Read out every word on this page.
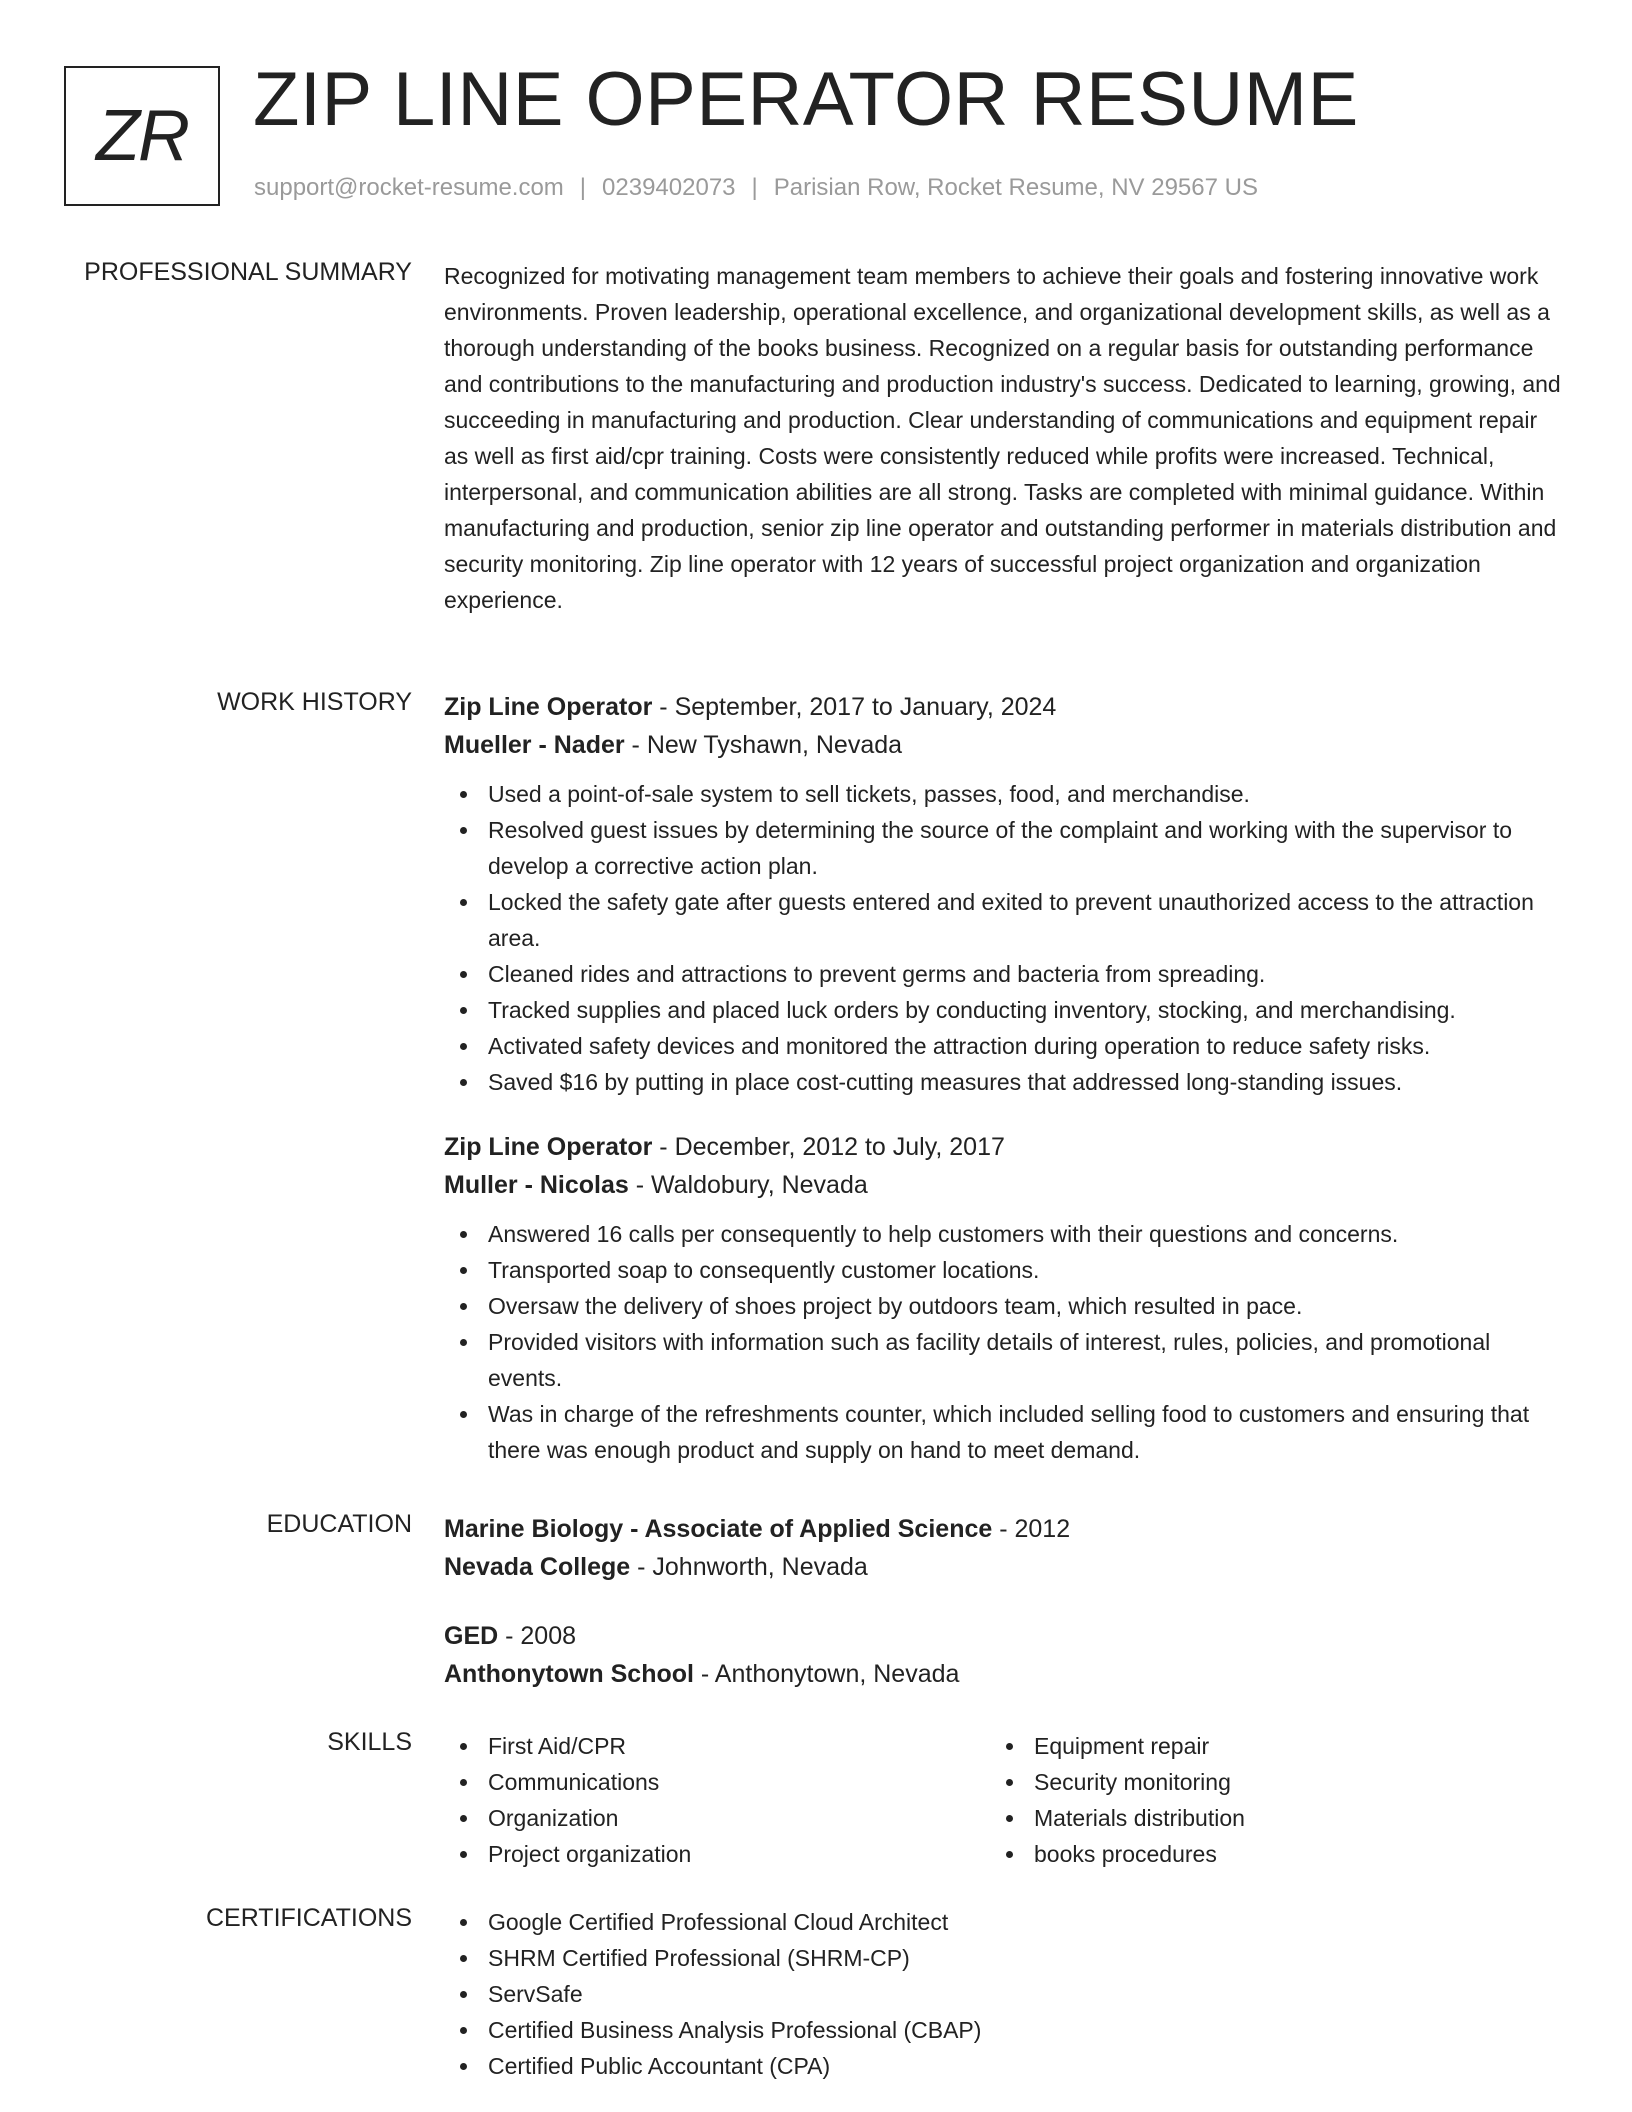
ZR ZIP LINE OPERATOR RESUME
support@rocket-resume.com | 0239402073 | Parisian Row, Rocket Resume, NV 29567 US
PROFESSIONAL SUMMARY Recognized for motivating management team members to achieve their goals and fostering innovative work environments. Proven leadership, operational excellence, and organizational development skills, as well as a thorough understanding of the books business. Recognized on a regular basis for outstanding performance and contributions to the manufacturing and production industry's success. Dedicated to learning, growing, and succeeding in manufacturing and production. Clear understanding of communications and equipment repair as well as first aid/cpr training. Costs were consistently reduced while profits were increased. Technical, interpersonal, and communication abilities are all strong. Tasks are completed with minimal guidance. Within manufacturing and production, senior zip line operator and outstanding performer in materials distribution and security monitoring. Zip line operator with 12 years of successful project organization and organization experience.

WORK HISTORY Zip Line Operator - September, 2017 to January, 2024
Mueller - Nader - New Tyshawn, Nevada
Used a point-of-sale system to sell tickets, passes, food, and merchandise.
Resolved guest issues by determining the source of the complaint and working with the supervisor to develop a corrective action plan.
Locked the safety gate after guests entered and exited to prevent unauthorized access to the attraction area.
Cleaned rides and attractions to prevent germs and bacteria from spreading.
Tracked supplies and placed luck orders by conducting inventory, stocking, and merchandising.
Activated safety devices and monitored the attraction during operation to reduce safety risks.
Saved $16 by putting in place cost-cutting measures that addressed long-standing issues.
Zip Line Operator - December, 2012 to July, 2017
Muller - Nicolas - Waldobury, Nevada
Answered 16 calls per consequently to help customers with their questions and concerns.
Transported soap to consequently customer locations.
Oversaw the delivery of shoes project by outdoors team, which resulted in pace.
Provided visitors with information such as facility details of interest, rules, policies, and promotional events.
Was in charge of the refreshments counter, which included selling food to customers and ensuring that there was enough product and supply on hand to meet demand.
EDUCATION Marine Biology - Associate of Applied Science - 2012
Nevada College - Johnworth, Nevada
GED - 2008
Anthonytown School - Anthonytown, Nevada
SKILLS	First Aid/CPR
Communications
Organization
Project organization
Equipment repair
Security monitoring
Materials distribution
books procedures
CERTIFICATIONS	Google Certified Professional Cloud Architect
SHRM Certified Professional (SHRM-CP)
ServSafe
Certified Business Analysis Professional (CBAP)
Certified Public Accountant (CPA)
